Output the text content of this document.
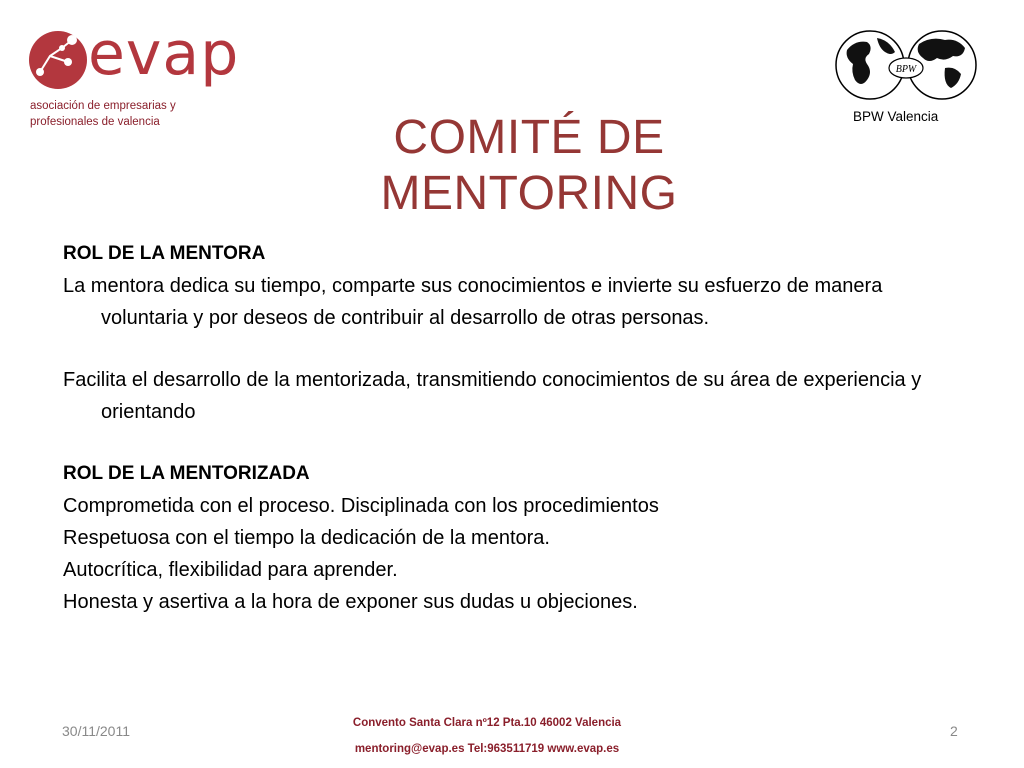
evap
asociación de empresarias y
profesionales de valencia
BPW
BPW Valencia
COMITÉ DE MENTORING

ROL DE LA MENTORA

La mentora dedica su tiempo, comparte sus conocimientos e invierte su esfuerzo de manera voluntaria y por deseos de contribuir al desarrollo de otras personas.

Facilita el desarrollo de la mentorizada, transmitiendo conocimientos de su área de experiencia y orientando

ROL DE LA MENTORIZADA

Comprometida con el proceso. Disciplinada con los procedimientos

Respetuosa con el tiempo la dedicación de la mentora.

Autocrítica, flexibilidad para aprender.

Honesta y asertiva a la hora de exponer sus dudas u objeciones.

30/11/2011	Convento Santa Clara nº12 Pta.10 46002 Valencia
mentoring@evap.es Tel:963511719 www.evap.es
2
